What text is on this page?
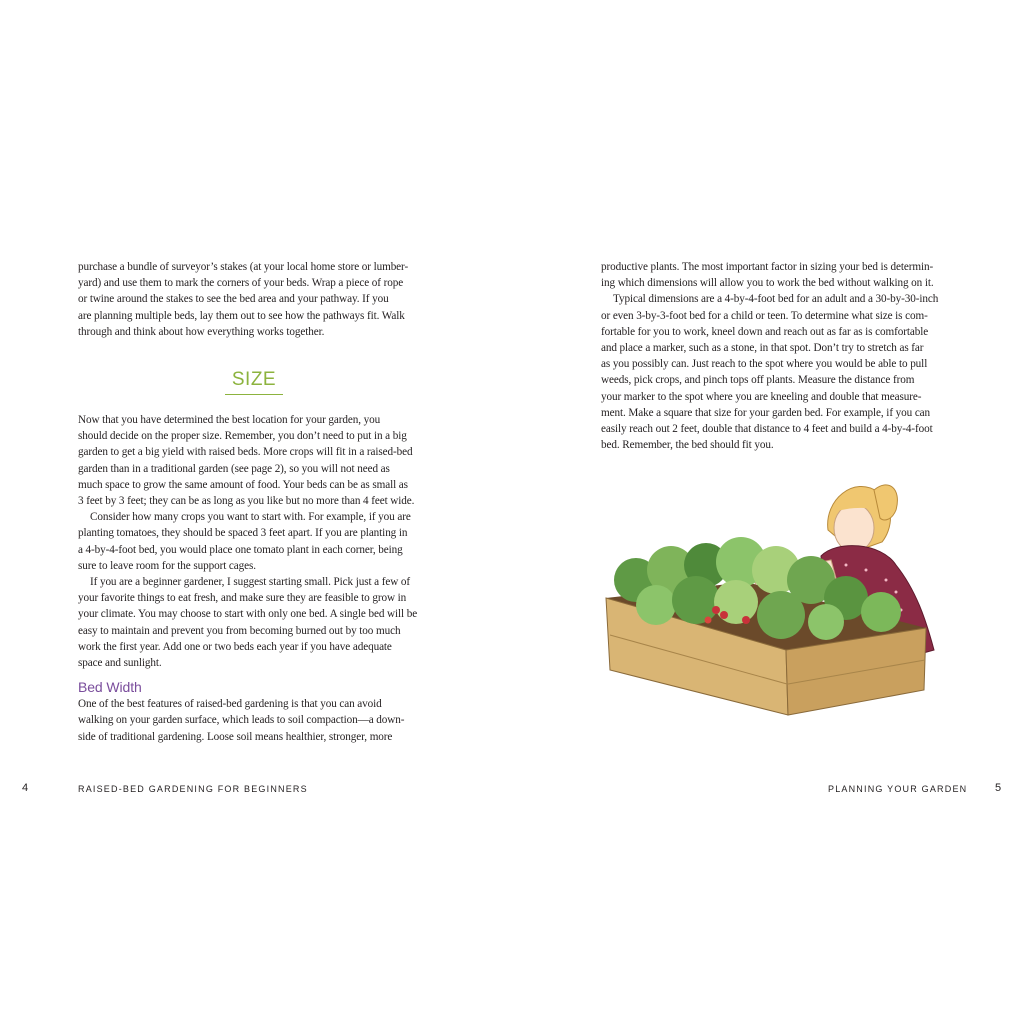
purchase a bundle of surveyor’s stakes (at your local home store or lumber-
yard) and use them to mark the corners of your beds. Wrap a piece of rope
or twine around the stakes to see the bed area and your pathway. If you
are planning multiple beds, lay them out to see how the pathways fit. Walk
through and think about how everything works together.
SIZE
Now that you have determined the best location for your garden, you
should decide on the proper size. Remember, you don’t need to put in a big
garden to get a big yield with raised beds. More crops will fit in a raised-bed
garden than in a traditional garden (see page 2), so you will not need as
much space to grow the same amount of food. Your beds can be as small as
3 feet by 3 feet; they can be as long as you like but no more than 4 feet wide.
Consider how many crops you want to start with. For example, if you are
planting tomatoes, they should be spaced 3 feet apart. If you are planting in
a 4-by-4-foot bed, you would place one tomato plant in each corner, being
sure to leave room for the support cages.
If you are a beginner gardener, I suggest starting small. Pick just a few of
your favorite things to eat fresh, and make sure they are feasible to grow in
your climate. You may choose to start with only one bed. A single bed will be
easy to maintain and prevent you from becoming burned out by too much
work the first year. Add one or two beds each year if you have adequate
space and sunlight.
Bed Width
One of the best features of raised-bed gardening is that you can avoid
walking on your garden surface, which leads to soil compaction—a down-
side of traditional gardening. Loose soil means healthier, stronger, more
4	RAISED-BED GARDENING FOR BEGINNERS
productive plants. The most important factor in sizing your bed is determin-
ing which dimensions will allow you to work the bed without walking on it.
Typical dimensions are a 4-by-4-foot bed for an adult and a 30-by-30-inch
or even 3-by-3-foot bed for a child or teen. To determine what size is com-
fortable for you to work, kneel down and reach out as far as is comfortable
and place a marker, such as a stone, in that spot. Don’t try to stretch as far
as you possibly can. Just reach to the spot where you would be able to pull
weeds, pick crops, and pinch tops off plants. Measure the distance from
your marker to the spot where you are kneeling and double that measure-
ment. Make a square that size for your garden bed. For example, if you can
easily reach out 2 feet, double that distance to 4 feet and build a 4-by-4-foot
bed. Remember, the bed should fit you.
PLANNING YOUR GARDEN	5
